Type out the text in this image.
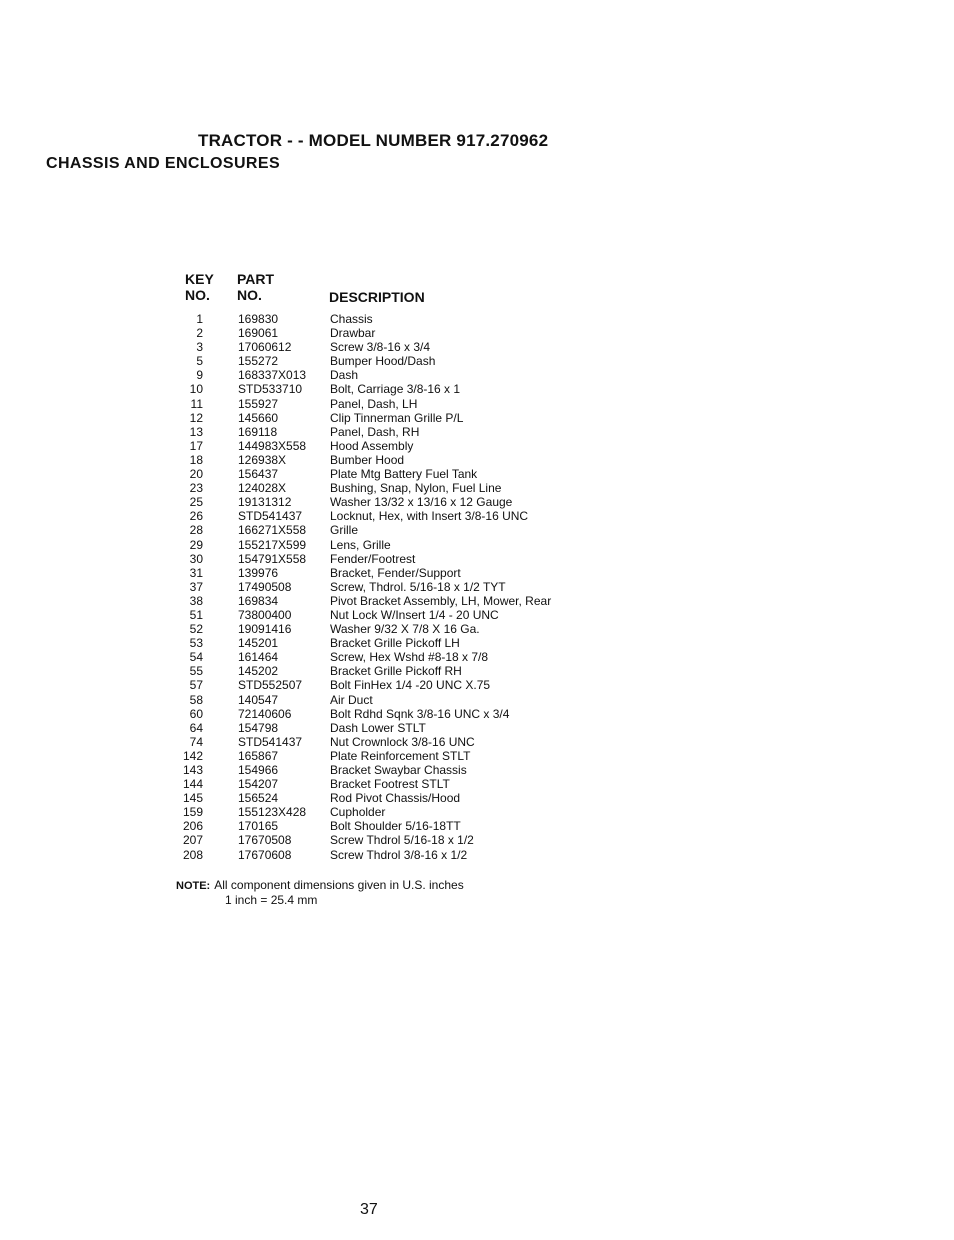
TRACTOR - - MODEL NUMBER 917.270962
CHASSIS AND ENCLOSURES
KEY
NO.
PART
NO.	DESCRIPTION
1	169830	Chassis
2	169061	Drawbar
3	17060612	Screw 3/8-16 x 3/4
5	155272	Bumper Hood/Dash
9	168337X013 Dash
10	STD533710 Bolt, Carriage 3/8-16 x 1
11	155927	Panel, Dash, LH
12	145660	Clip Tinnerman Grille P/L
13	169118	Panel, Dash, RH
17	144983X558 Hood Assembly
18	126938X	Bumber Hood
20	156437	Plate Mtg Battery Fuel Tank
23	124028X	Bushing, Snap, Nylon, Fuel Line
25	19131312	Washer 13/32 x 13/16 x 12 Gauge
26	STD541437 Locknut, Hex, with Insert 3/8-16 UNC
28	166271X558 Grille
29	155217X599 Lens, Grille
30	154791X558 Fender/Footrest
31	139976	Bracket, Fender/Support
37	17490508	Screw, Thdrol. 5/16-18 x 1/2 TYT
38	169834	Pivot Bracket Assembly, LH, Mower, Rear
51	73800400	Nut Lock W/Insert 1/4 - 20 UNC
52	19091416	Washer 9/32 X 7/8 X 16 Ga.
53	145201	Bracket Grille Pickoff LH
54	161464	Screw, Hex Wshd #8-18 x 7/8
55	145202	Bracket Grille Pickoff RH
57	STD552507 Bolt FinHex 1/4 -20 UNC X.75
58	140547	Air Duct
60	72140606	Bolt Rdhd Sqnk 3/8-16 UNC x 3/4
64	154798	Dash Lower STLT
74	STD541437 Nut Crownlock 3/8-16 UNC
142	165867	Plate Reinforcement STLT
143	154966	Bracket Swaybar Chassis
144	154207	Bracket Footrest STLT
145	156524	Rod Pivot Chassis/Hood
159	155123X428 Cupholder
206	170165	Bolt Shoulder 5/16-18TT
207	17670508	Screw Thdrol 5/16-18 x 1/2
208	17670608	Screw Thdrol 3/8-16 x 1/2
NOTE: All component dimensions given in U.S. inches
1 inch = 25.4 mm
37
